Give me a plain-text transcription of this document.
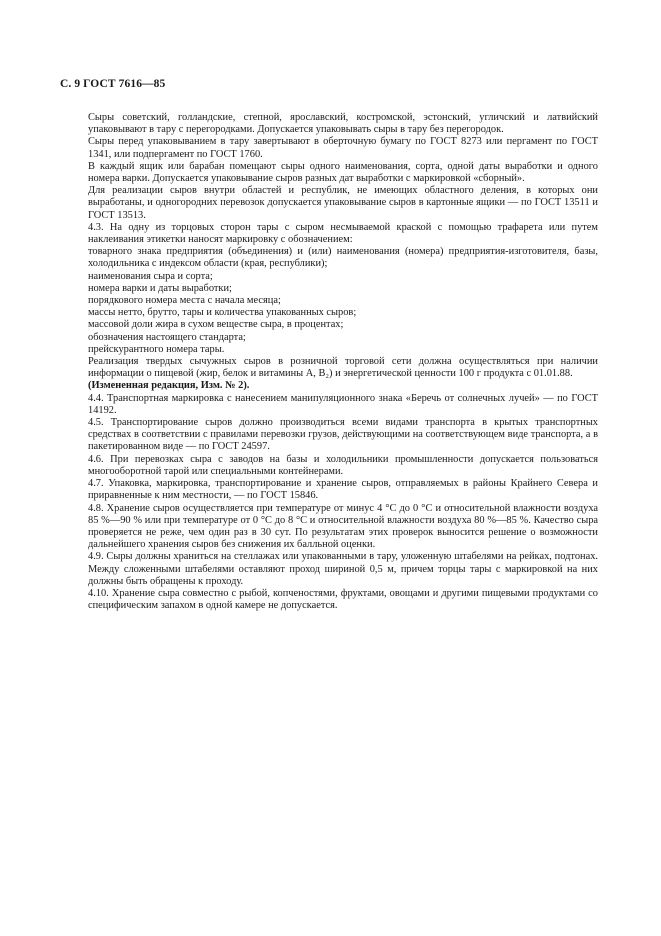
С. 9 ГОСТ 7616—85

Сыры советский, голландские, степной, ярославский, костромской, эстонский, угличский и латвийский упаковывают в тару с перегородками. Допускается упаковывать сыры в тару без перегородок.

Сыры перед упаковыванием в тару завертывают в оберточную бумагу по ГОСТ 8273 или пергамент по ГОСТ 1341, или подпергамент по ГОСТ 1760.

В каждый ящик или барабан помещают сыры одного наименования, сорта, одной даты выработки и одного номера варки. Допускается упаковывание сыров разных дат выработки с маркировкой «сборный».

Для реализации сыров внутри областей и республик, не имеющих областного деления, в которых они выработаны, и одногородних перевозок допускается упаковывание сыров в картонные ящики — по ГОСТ 13511 и ГОСТ 13513.

4.3. На одну из торцовых сторон тары с сыром несмываемой краской с помощью трафарета или путем наклеивания этикетки наносят маркировку с обозначением:

товарного знака предприятия (объединения) и (или) наименования (номера) предприятия-изготовителя, базы, холодильника с индексом области (края, республики);

наименования сыра и сорта;

номера варки и даты выработки;

порядкового номера места с начала месяца;

массы нетто, брутто, тары и количества упакованных сыров;

массовой доли жира в сухом веществе сыра, в процентах;

обозначения настоящего стандарта;

прейскурантного номера тары.

Реализация твердых сычужных сыров в розничной торговой сети должна осуществляться при наличии информации о пищевой (жир, белок и витамины А, В₂) и энергетической ценности 100 г продукта с 01.01.88.

(Измененная редакция, Изм. № 2).

4.4. Транспортная маркировка с нанесением манипуляционного знака «Беречь от солнечных лучей» — по ГОСТ 14192.

4.5. Транспортирование сыров должно производиться всеми видами транспорта в крытых транспортных средствах в соответствии с правилами перевозки грузов, действующими на соответствующем виде транспорта, а в пакетированном виде — по ГОСТ 24597.

4.6. При перевозках сыра с заводов на базы и холодильники промышленности допускается пользоваться многооборотной тарой или специальными контейнерами.

4.7. Упаковка, маркировка, транспортирование и хранение сыров, отправляемых в районы Крайнего Севера и приравненные к ним местности, — по ГОСТ 15846.

4.8. Хранение сыров осуществляется при температуре от минус 4 °С до 0 °С и относительной влажности воздуха 85 %—90 % или при температуре от 0 °С до 8 °С и относительной влажности воздуха 80 %—85 %. Качество сыра проверяется не реже, чем один раз в 30 сут. По результатам этих проверок выносится решение о возможности дальнейшего хранения сыров без снижения их балльной оценки.

4.9. Сыры должны храниться на стеллажах или упакованными в тару, уложенную штабелями на рейках, подтонах. Между сложенными штабелями оставляют проход шириной 0,5 м, причем торцы тары с маркировкой на них должны быть обращены к проходу.

4.10. Хранение сыра совместно с рыбой, копченостями, фруктами, овощами и другими пищевыми продуктами со специфическим запахом в одной камере не допускается.
